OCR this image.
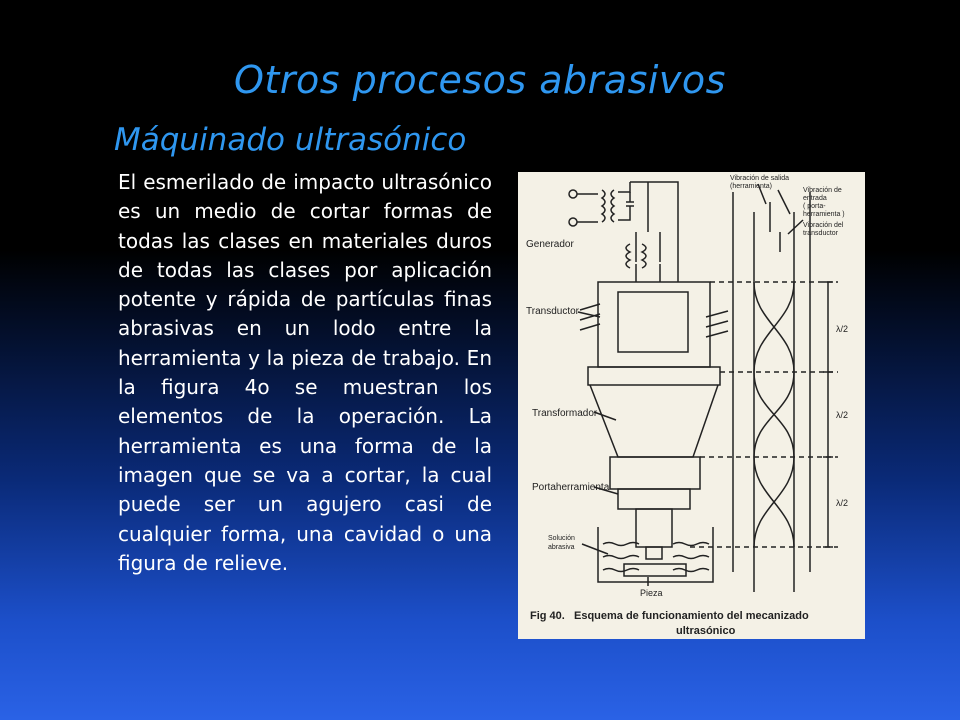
Otros procesos abrasivos
Máquinado ultrasónico
El esmerilado de impacto ultrasónico es un medio de cortar formas de todas las clases en materiales duros de todas las clases por aplicación potente y rápida de partículas finas abrasivas en un lodo entre la herramienta y la pieza de trabajo. En la figura 4o se muestran los elementos de la operación. La herramienta es una forma de la imagen que se va a cortar, la cual puede ser un agujero casi de cualquier forma, una cavidad o una figura de relieve.
Generador
Transductor
Transformador
Portaherramienta
Solución
abrasiva
Pieza
Vibración de salida
(herramienta)
Vibración de
entrada
( porta-
herramienta )
Vibración del
transductor
λ/2
λ/2
λ/2
Fig 40. Esquema de funcionamiento del mecanizado
ultrasónico
